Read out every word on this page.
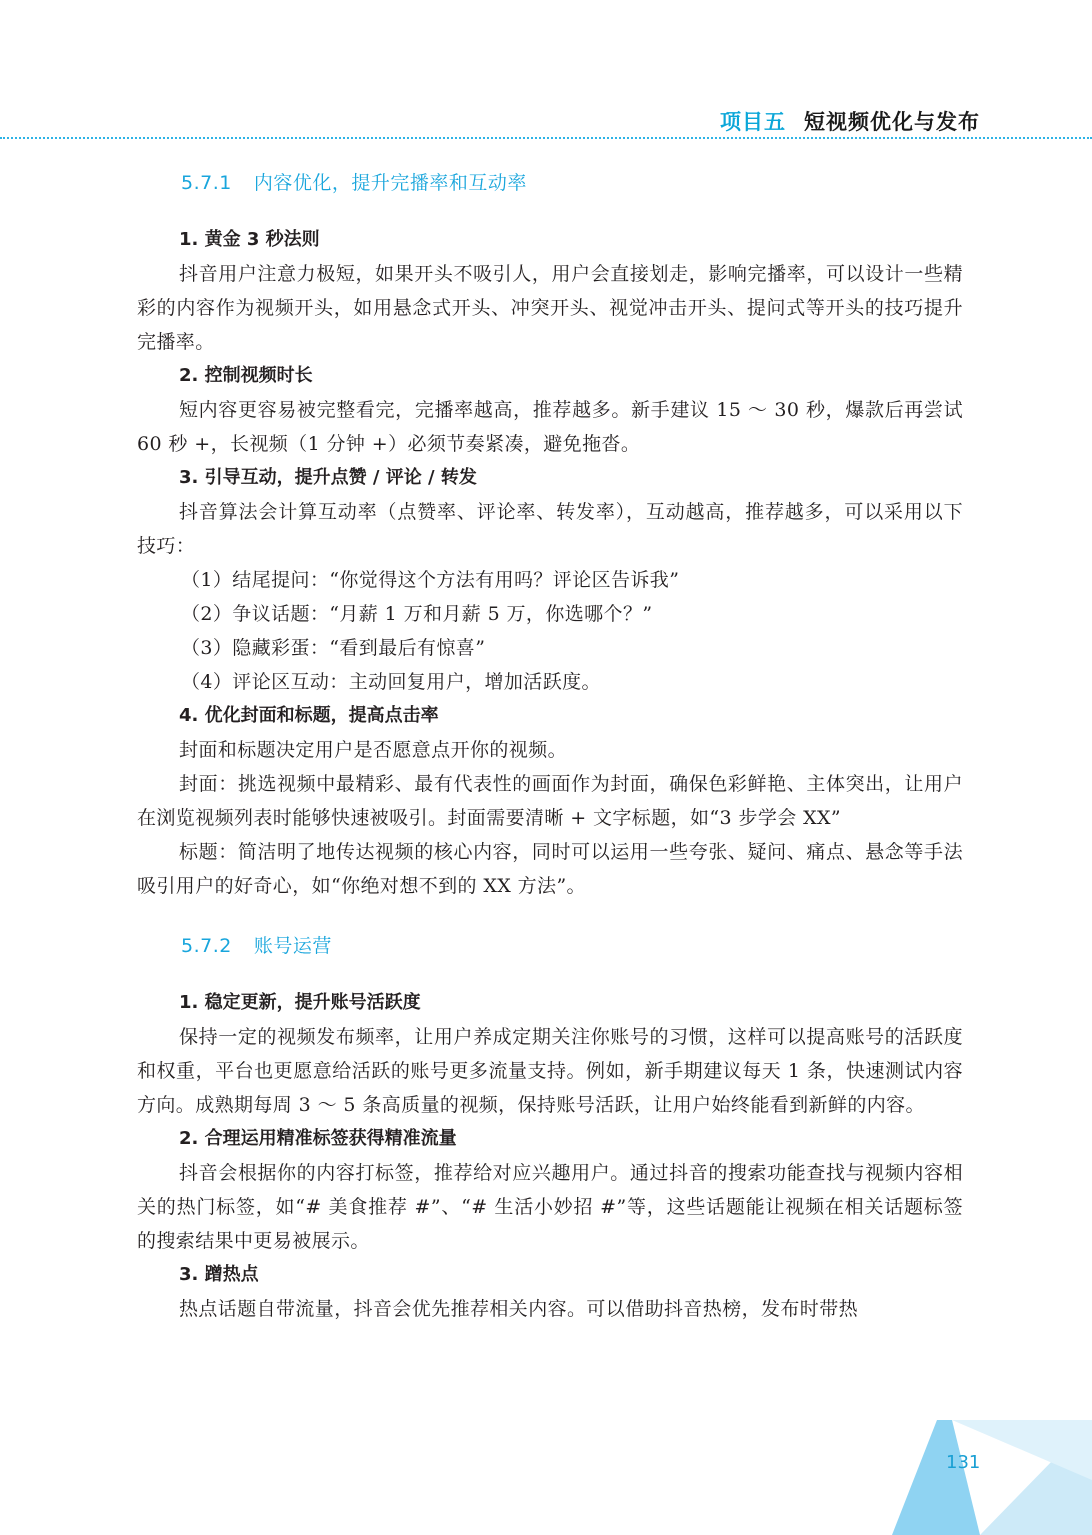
项目五 短视频优化与发布
5.7.1 内容优化，提升完播率和互动率
1. 黄金 3 秒法则
抖音用户注意力极短，如果开头不吸引人，用户会直接划走，影响完播率，可以设计一些精彩的内容作为视频开头，如用悬念式开头、冲突开头、视觉冲击开头、提问式等开头的技巧提升完播率。
2. 控制视频时长
短内容更容易被完整看完，完播率越高，推荐越多。新手建议 15 ～ 30 秒，爆款后再尝试 60 秒 +，长视频（1 分钟 +）必须节奏紧凑，避免拖沓。
3. 引导互动，提升点赞 / 评论 / 转发
抖音算法会计算互动率（点赞率、评论率、转发率），互动越高，推荐越多，可以采用以下技巧：
（1）结尾提问：“你觉得这个方法有用吗？评论区告诉我”
（2）争议话题：“月薪 1 万和月薪 5 万，你选哪个？”
（3）隐藏彩蛋：“看到最后有惊喜”
（4）评论区互动：主动回复用户，增加活跃度。
4. 优化封面和标题，提高点击率
封面和标题决定用户是否愿意点开你的视频。
封面：挑选视频中最精彩、最有代表性的画面作为封面，确保色彩鲜艳、主体突出，让用户在浏览视频列表时能够快速被吸引。封面需要清晰 + 文字标题，如“3 步学会 XX”
标题：简洁明了地传达视频的核心内容，同时可以运用一些夸张、疑问、痛点、悬念等手法吸引用户的好奇心，如“你绝对想不到的 XX 方法”。
5.7.2 账号运营
1. 稳定更新，提升账号活跃度
保持一定的视频发布频率，让用户养成定期关注你账号的习惯，这样可以提高账号的活跃度和权重，平台也更愿意给活跃的账号更多流量支持。例如，新手期建议每天 1 条，快速测试内容方向。成熟期每周 3 ～ 5 条高质量的视频，保持账号活跃，让用户始终能看到新鲜的内容。
2. 合理运用精准标签获得精准流量
抖音会根据你的内容打标签，推荐给对应兴趣用户。通过抖音的搜索功能查找与视频内容相关的热门标签，如“# 美食推荐 #”、“# 生活小妙招 #”等，这些话题能让视频在相关话题标签的搜索结果中更易被展示。
3. 蹭热点
热点话题自带流量，抖音会优先推荐相关内容。可以借助抖音热榜，发布时带热
131
